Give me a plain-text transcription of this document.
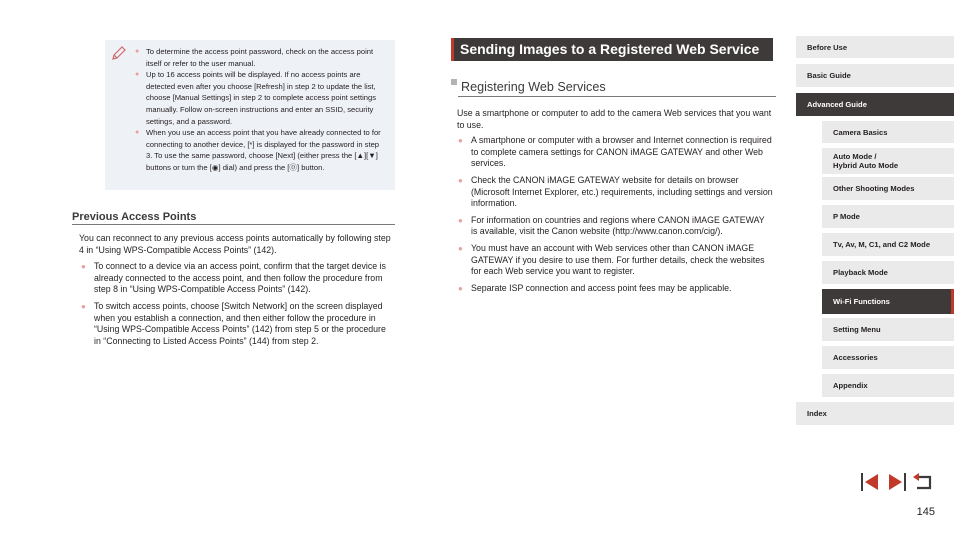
● To determine the access point password, check on the access point itself or refer to the user manual.
● Up to 16 access points will be displayed. If no access points are detected even after you choose [Refresh] in step 2 to update the list, choose [Manual Settings] in step 2 to complete access point settings manually. Follow on-screen instructions and enter an SSID, security settings, and a password.
● When you use an access point that you have already connected to for connecting to another device, [*] is displayed for the password in step 3. To use the same password, choose [Next] (either press the [▲][▼] buttons or turn the [◉] dial) and press the [⓪] button.
Previous Access Points

You can reconnect to any previous access points automatically by following step 4 in “Using WPS-Compatible Access Points” (​142).

● To connect to a device via an access point, confirm that the target device is already connected to the access point, and then follow the procedure from step 8 in “Using WPS-Compatible Access Points” (​142).
● To switch access points, choose [Switch Network] on the screen displayed when you establish a connection, and then either follow the procedure in “Using WPS-Compatible Access Points” (​142) from step 5 or the procedure in “Connecting to Listed Access Points” (​144) from step 2.
Sending Images to a Registered Web Service
Registering Web Services

Use a smartphone or computer to add to the camera Web services that you want to use.

● A smartphone or computer with a browser and Internet connection is required to complete camera settings for CANON iMAGE GATEWAY and other Web services.
● Check the CANON iMAGE GATEWAY website for details on browser (Microsoft Internet Explorer, etc.) requirements, including settings and version information.
● For information on countries and regions where CANON iMAGE GATEWAY is available, visit the Canon website (http://www.canon.com/cig/).
● You must have an account with Web services other than CANON iMAGE GATEWAY if you desire to use them. For further details, check the websites for each Web service you want to register.
● Separate ISP connection and access point fees may be applicable.
Before Use
Basic Guide
Advanced Guide
Camera Basics
Auto Mode /
Hybrid Auto Mode
Other Shooting Modes
P Mode
Tv, Av, M, C1, and C2 Mode
Playback Mode
Wi-Fi Functions
Setting Menu
Accessories
Appendix
Index
145
